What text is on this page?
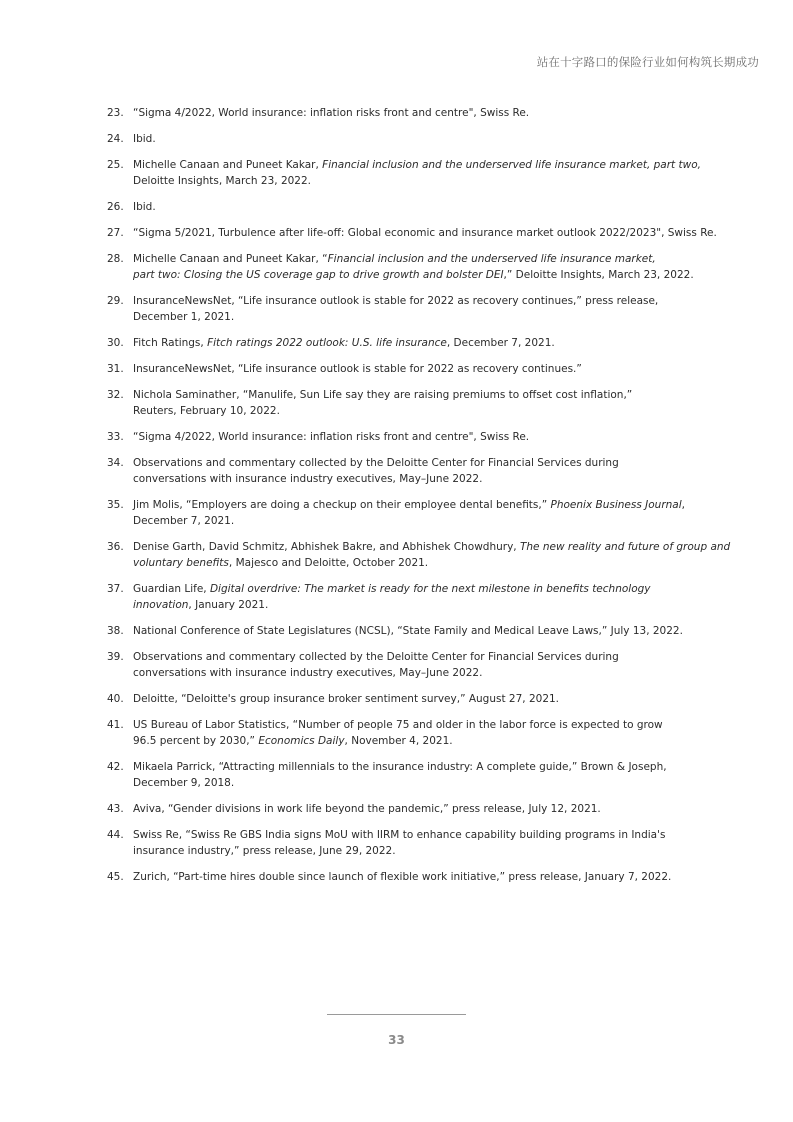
站在十字路口的保险行业如何构筑长期成功
23. “Sigma 4/2022, World insurance: inflation risks front and centre", Swiss Re.
24. Ibid.
25. Michelle Canaan and Puneet Kakar, Financial inclusion and the underserved life insurance market, part two,
Deloitte Insights, March 23, 2022.
26. Ibid.
27. “Sigma 5/2021, Turbulence after life-off: Global economic and insurance market outlook 2022/2023", Swiss Re.
28. Michelle Canaan and Puneet Kakar, “Financial inclusion and the underserved life insurance market,
part two: Closing the US coverage gap to drive growth and bolster DEI,” Deloitte Insights, March 23, 2022.
29. InsuranceNewsNet, “Life insurance outlook is stable for 2022 as recovery continues,” press release,
December 1, 2021.
30. Fitch Ratings, Fitch ratings 2022 outlook: U.S. life insurance, December 7, 2021.
31. InsuranceNewsNet, “Life insurance outlook is stable for 2022 as recovery continues.”
32. Nichola Saminather, “Manulife, Sun Life say they are raising premiums to offset cost inflation,”
Reuters, February 10, 2022.
33. “Sigma 4/2022, World insurance: inflation risks front and centre", Swiss Re.
34. Observations and commentary collected by the Deloitte Center for Financial Services during
conversations with insurance industry executives, May–June 2022.
35. Jim Molis, “Employers are doing a checkup on their employee dental benefits,” Phoenix Business Journal,
December 7, 2021.
36. Denise Garth, David Schmitz, Abhishek Bakre, and Abhishek Chowdhury, The new reality and future of group and
voluntary benefits, Majesco and Deloitte, October 2021.
37. Guardian Life, Digital overdrive: The market is ready for the next milestone in benefits technology
innovation, January 2021.
38. National Conference of State Legislatures (NCSL), “State Family and Medical Leave Laws,” July 13, 2022.
39. Observations and commentary collected by the Deloitte Center for Financial Services during
conversations with insurance industry executives, May–June 2022.
40. Deloitte, “Deloitte's group insurance broker sentiment survey,” August 27, 2021.
41. US Bureau of Labor Statistics, “Number of people 75 and older in the labor force is expected to grow
96.5 percent by 2030,” Economics Daily, November 4, 2021.
42. Mikaela Parrick, “Attracting millennials to the insurance industry: A complete guide,” Brown & Joseph,
December 9, 2018.
43. Aviva, “Gender divisions in work life beyond the pandemic,” press release, July 12, 2021.
44. Swiss Re, “Swiss Re GBS India signs MoU with IIRM to enhance capability building programs in India's
insurance industry,” press release, June 29, 2022.
45. Zurich, “Part-time hires double since launch of flexible work initiative,” press release, January 7, 2022.
33
